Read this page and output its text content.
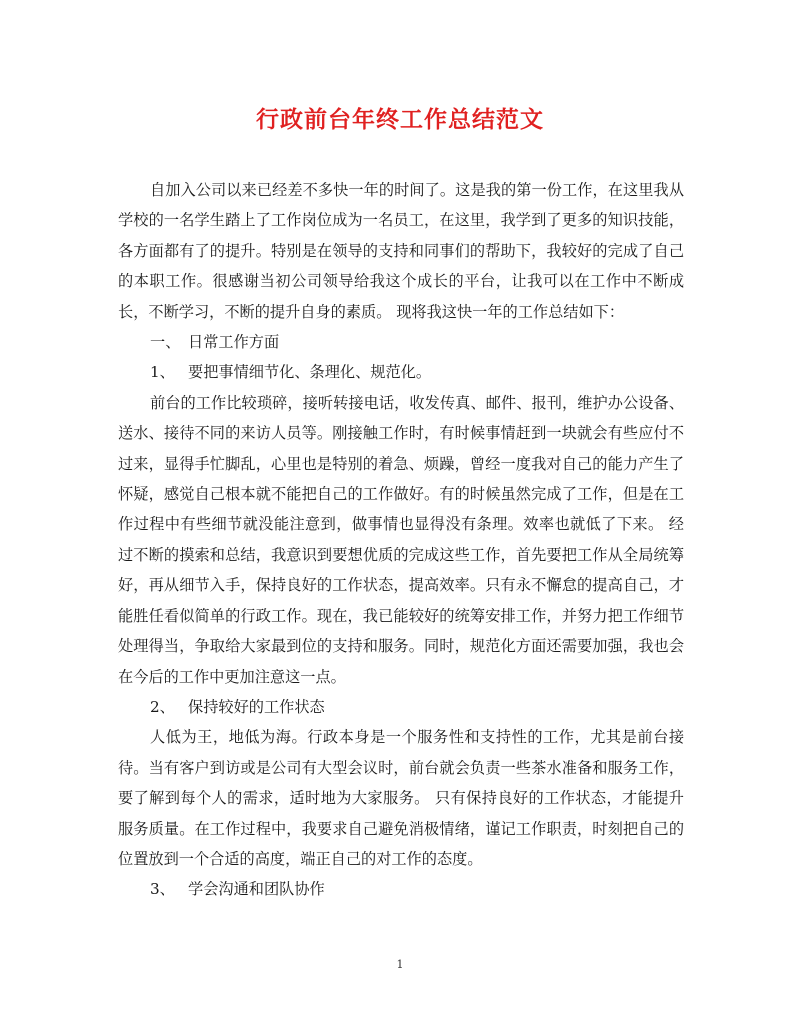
行政前台年终工作总结范文

自加入公司以来已经差不多快一年的时间了。这是我的第一份工作，在这里我从学校的一名学生踏上了工作岗位成为一名员工，在这里，我学到了更多的知识技能，各方面都有了的提升。特别是在领导的支持和同事们的帮助下，我较好的完成了自己的本职工作。很感谢当初公司领导给我这个成长的平台，让我可以在工作中不断成长，不断学习，不断的提升自身的素质。 现将我这快一年的工作总结如下：

一、 日常工作方面

1、 要把事情细节化、条理化、规范化。

前台的工作比较琐碎，接听转接电话，收发传真、邮件、报刊，维护办公设备、送水、接待不同的来访人员等。刚接触工作时，有时候事情赶到一块就会有些应付不过来，显得手忙脚乱，心里也是特别的着急、烦躁，曾经一度我对自己的能力产生了怀疑，感觉自己根本就不能把自己的工作做好。有的时候虽然完成了工作，但是在工作过程中有些细节就没能注意到，做事情也显得没有条理。效率也就低了下来。 经过不断的摸索和总结，我意识到要想优质的完成这些工作，首先要把工作从全局统筹好，再从细节入手，保持良好的工作状态，提高效率。只有永不懈怠的提高自己，才能胜任看似简单的行政工作。现在，我已能较好的统筹安排工作，并努力把工作细节处理得当，争取给大家最到位的支持和服务。同时，规范化方面还需要加强，我也会在今后的工作中更加注意这一点。

2、 保持较好的工作状态

人低为王，地低为海。行政本身是一个服务性和支持性的工作，尤其是前台接待。当有客户到访或是公司有大型会议时，前台就会负责一些茶水准备和服务工作，要了解到每个人的需求，适时地为大家服务。 只有保持良好的工作状态，才能提升服务质量。在工作过程中，我要求自己避免消极情绪，谨记工作职责，时刻把自己的位置放到一个合适的高度，端正自己的对工作的态度。

3、 学会沟通和团队协作

1
